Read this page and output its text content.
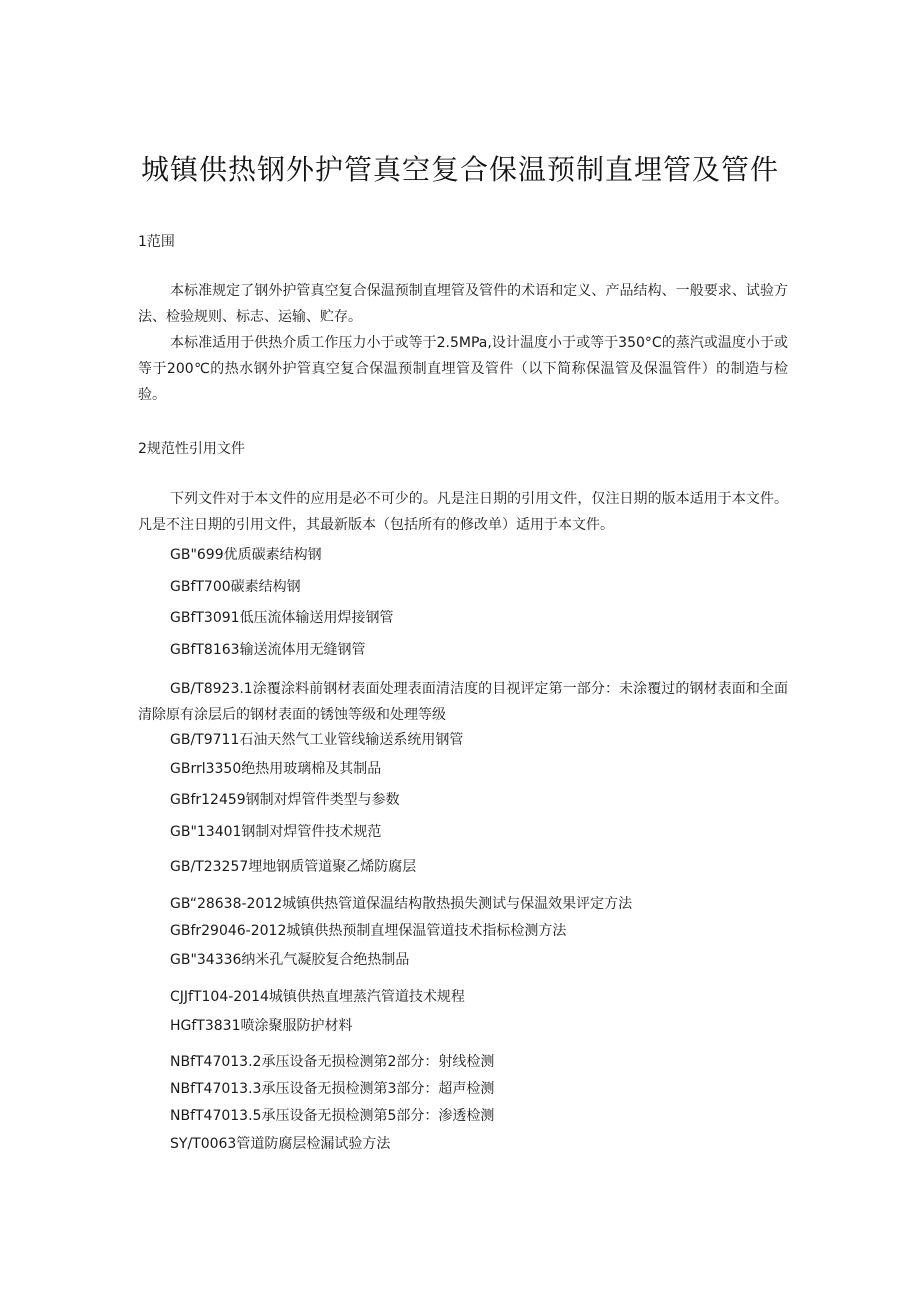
城镇供热钢外护管真空复合保温预制直埋管及管件
1范围
本标准规定了钢外护管真空复合保温预制直埋管及管件的术语和定义、产品结构、一般要求、试验方法、检验规则、标志、运输、贮存。
本标准适用于供热介质工作压力小于或等于2.5MPa,设计温度小于或等于350°C的蒸汽或温度小于或等于200℃的热水钢外护管真空复合保温预制直埋管及管件（以下简称保温管及保温管件）的制造与检验。
2规范性引用文件
下列文件对于本文件的应用是必不可少的。凡是注日期的引用文件，仅注日期的版本适用于本文件。凡是不注日期的引用文件，其最新版本（包括所有的修改单）适用于本文件。
GB"699优质碳素结构钢
GBfT700碳素结构钢
GBfT3091低压流体输送用焊接钢管
GBfT8163输送流体用无缝钢管
GB/T8923.1涂覆涂料前钢材表面处理表面清洁度的目视评定第一部分：未涂覆过的钢材表面和全面清除原有涂层后的钢材表面的锈蚀等级和处理等级
GB/T9711石油天然气工业管线输送系统用钢管
GBrrl3350绝热用玻璃棉及其制品
GBfr12459钢制对焊管件类型与参数
GB"13401钢制对焊管件技术规范
GB/T23257埋地钢质管道聚乙烯防腐层
GB“28638-2012城镇供热管道保温结构散热损失测试与保温效果评定方法
GBfr29046-2012城镇供热预制直埋保温管道技术指标检测方法
GB"34336纳米孔气凝胶复合绝热制品
CJJfT104-2014城镇供热直埋蒸汽管道技术规程
HGfT3831喷涂聚服防护材料
NBfT47013.2承压设备无损检测第2部分：射线检测
NBfT47013.3承压设备无损检测第3部分：超声检测
NBfT47013.5承压设备无损检测第5部分：渗透检测
SY/T0063管道防腐层检漏试验方法
